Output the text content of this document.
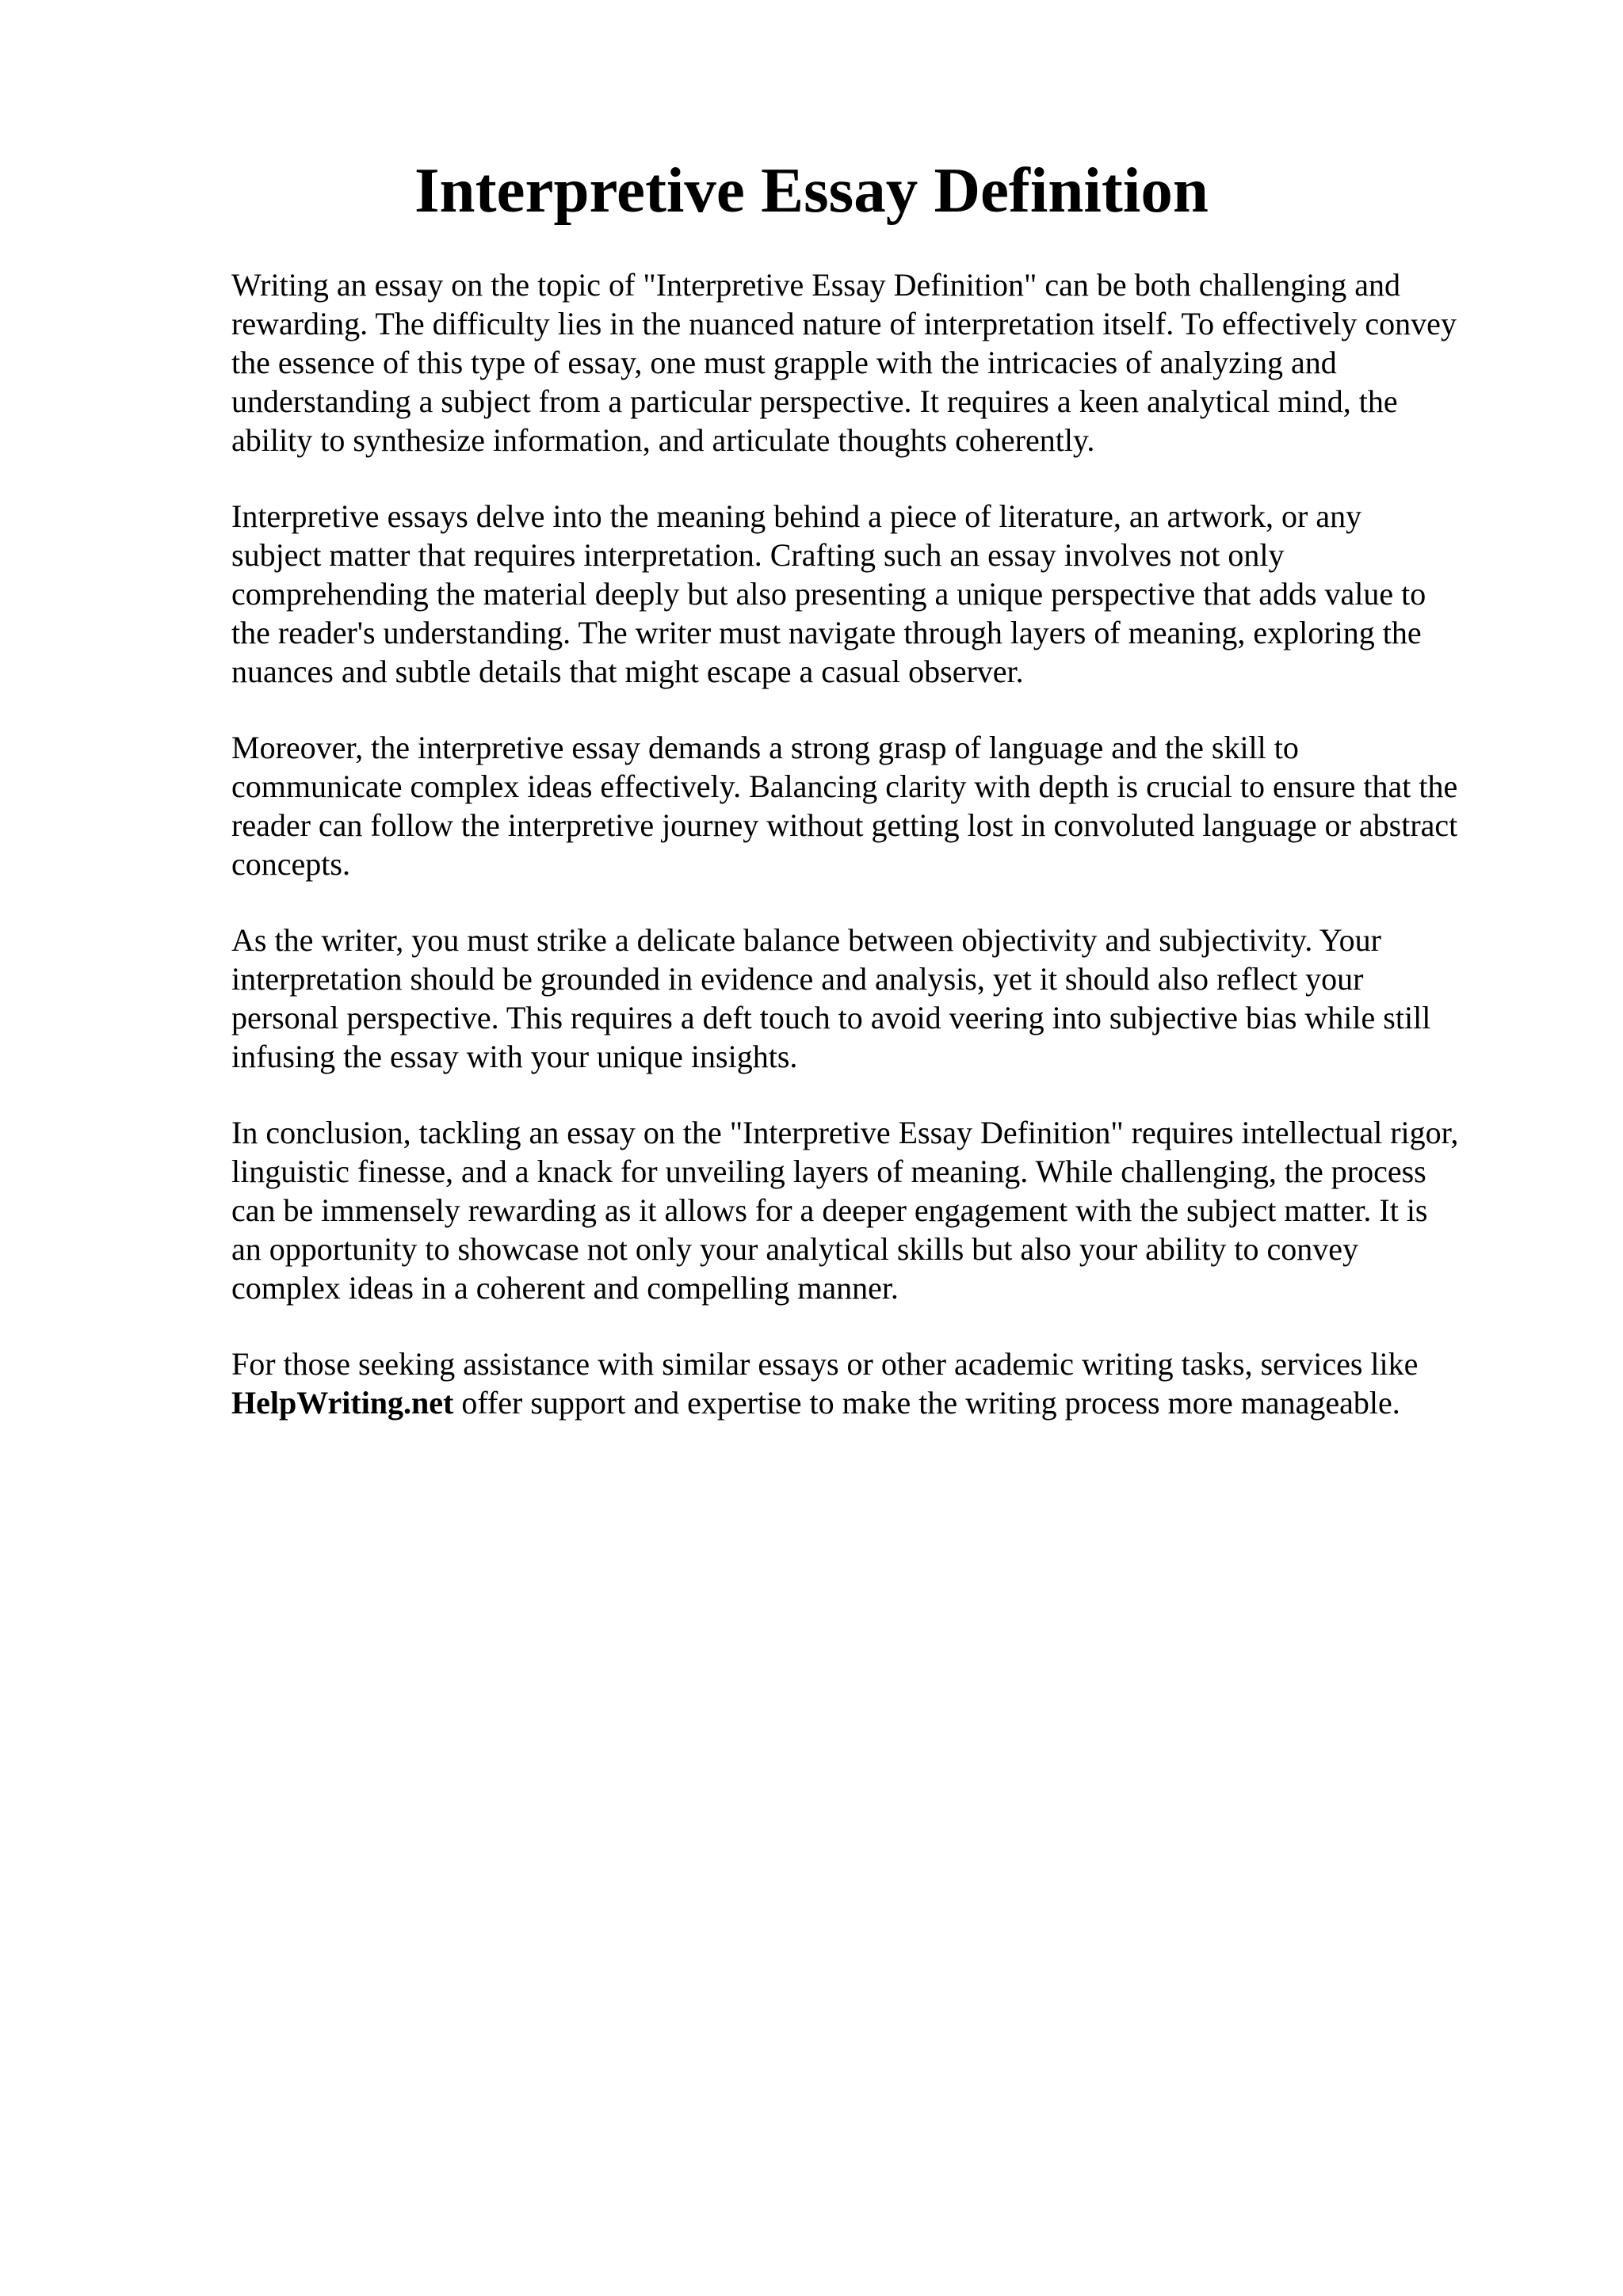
Interpretive Essay Definition

Writing an essay on the topic of "Interpretive Essay Definition" can be both challenging and
rewarding. The difficulty lies in the nuanced nature of interpretation itself. To effectively convey
the essence of this type of essay, one must grapple with the intricacies of analyzing and
understanding a subject from a particular perspective. It requires a keen analytical mind, the
ability to synthesize information, and articulate thoughts coherently.

Interpretive essays delve into the meaning behind a piece of literature, an artwork, or any
subject matter that requires interpretation. Crafting such an essay involves not only
comprehending the material deeply but also presenting a unique perspective that adds value to
the reader's understanding. The writer must navigate through layers of meaning, exploring the
nuances and subtle details that might escape a casual observer.

Moreover, the interpretive essay demands a strong grasp of language and the skill to
communicate complex ideas effectively. Balancing clarity with depth is crucial to ensure that the
reader can follow the interpretive journey without getting lost in convoluted language or abstract
concepts.

As the writer, you must strike a delicate balance between objectivity and subjectivity. Your
interpretation should be grounded in evidence and analysis, yet it should also reflect your
personal perspective. This requires a deft touch to avoid veering into subjective bias while still
infusing the essay with your unique insights.

In conclusion, tackling an essay on the "Interpretive Essay Definition" requires intellectual rigor,
linguistic finesse, and a knack for unveiling layers of meaning. While challenging, the process
can be immensely rewarding as it allows for a deeper engagement with the subject matter. It is
an opportunity to showcase not only your analytical skills but also your ability to convey
complex ideas in a coherent and compelling manner.

For those seeking assistance with similar essays or other academic writing tasks, services like
HelpWriting.net offer support and expertise to make the writing process more manageable.
